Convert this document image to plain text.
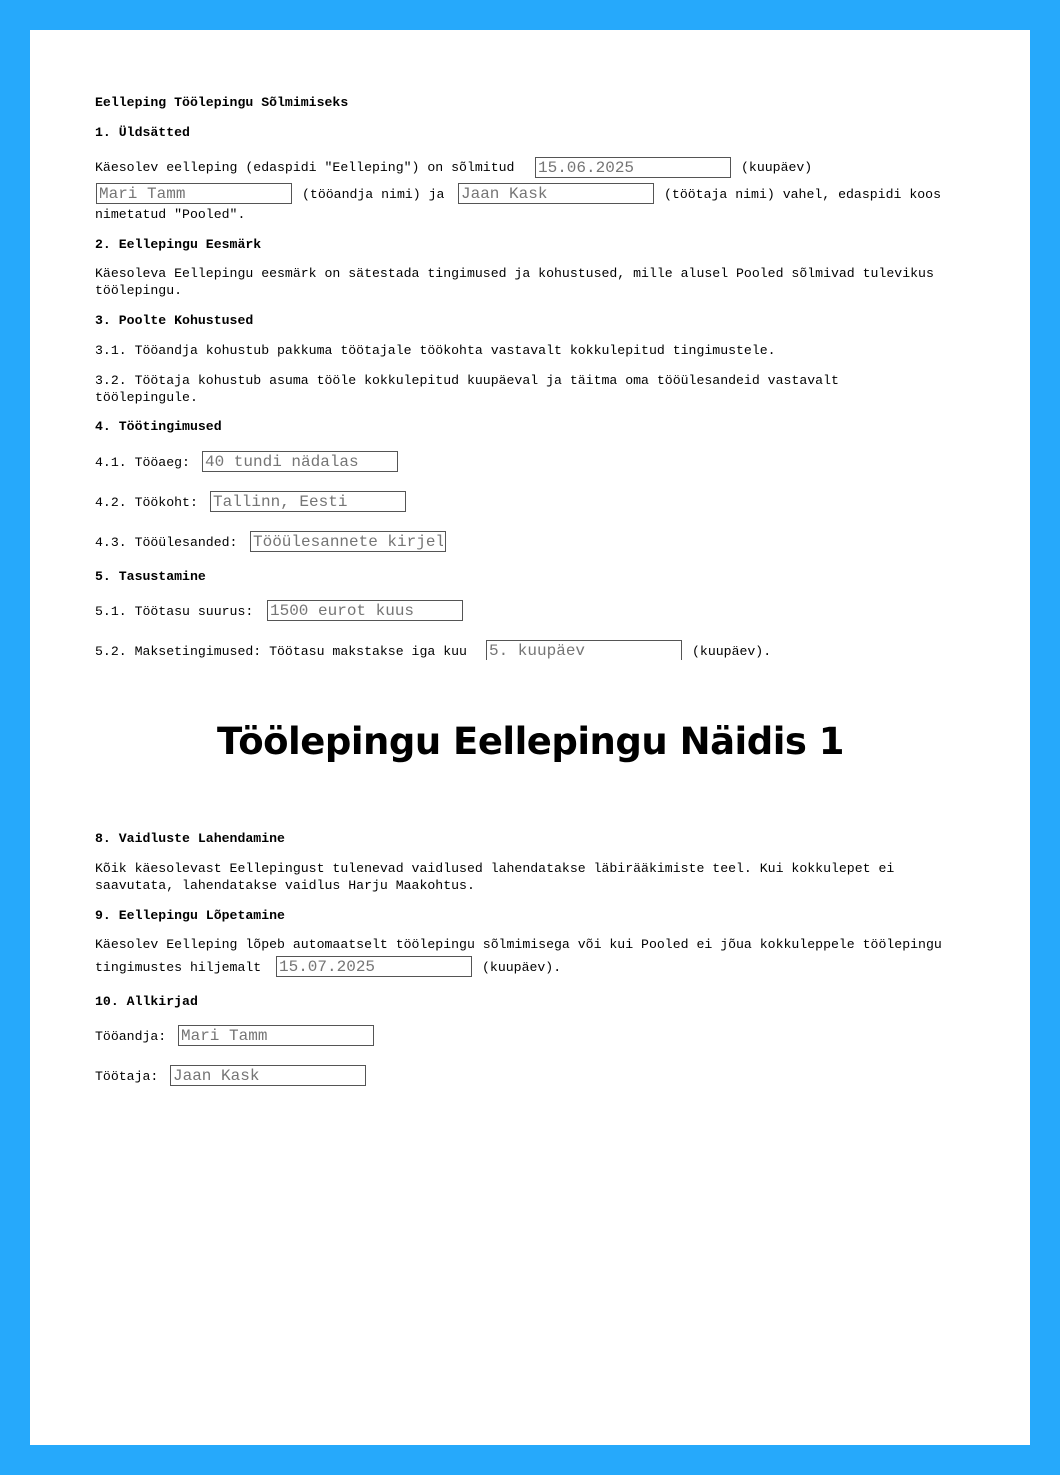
Eelleping Töölepingu Sõlmimiseks
1. Üldsätted
Käesolev eelleping (edaspidi "Eelleping") on sõlmitud
15.06.2025	(kuupäev)
Mari Tamm
(tööandja nimi) ja
Jaan Kask	(töötaja nimi) vahel, edaspidi koos
nimetatud "Pooled".
2. Eellepingu Eesmärk
Käesoleva Eellepingu eesmärk on sätestada tingimused ja kohustused, mille alusel Pooled sõlmivad tulevikus
töölepingu.
3. Poolte Kohustused
3.1. Tööandja kohustub pakkuma töötajale töökohta vastavalt kokkulepitud tingimustele.
3.2. Töötaja kohustub asuma tööle kokkulepitud kuupäeval ja täitma oma tööülesandeid vastavalt
töölepingule.
4. Töötingimused
4.1. Tööaeg:
40 tundi nädalas
4.2. Töökoht:
Tallinn, Eesti
4.3. Tööülesanded:
Tööülesannete kirjel
5. Tasustamine
5.1. Töötasu suurus:
1500 eurot kuus
5.2. Maksetingimused: Töötasu makstakse iga kuu
5. kuupäev	(kuupäev).
8. Vaidluste Lahendamine
Kõik käesolevast Eellepingust tulenevad vaidlused lahendatakse läbirääkimiste teel. Kui kokkulepet ei
saavutata, lahendatakse vaidlus Harju Maakohtus.
9. Eellepingu Lõpetamine
Käesolev Eelleping lõpeb automaatselt töölepingu sõlmimisega või kui Pooled ei jõua kokkuleppele töölepingu
tingimustes hiljemalt
15.07.2025	(kuupäev).
10. Allkirjad
Tööandja:
Mari Tamm
Töötaja:
Jaan Kask
Töölepingu Eellepingu Näidis 1
